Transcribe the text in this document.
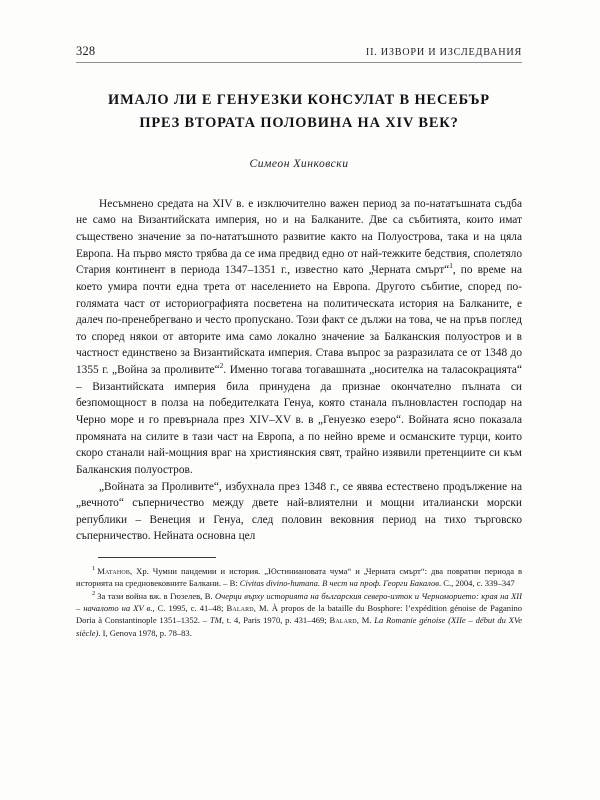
328	II. ИЗВОРИ И ИЗСЛЕДВАНИЯ
ИМАЛО ЛИ Е ГЕНУЕЗКИ КОНСУЛАТ В НЕСЕБЪР
ПРЕЗ ВТОРАТА ПОЛОВИНА НА XIV ВЕК?
Симеон Хинковски

Несъмнено средата на XIV в. е изключително важен период за по-нататъшната съдба не само на Византийската империя, но и на Балканите. Две са събитията, които имат съществено значение за по-нататъшното развитие както на Полуострова, така и на цяла Европа. На първо място трябва да се има предвид едно от най-тежките бедствия, сполетяло Стария континент в периода 1347–1351 г., известно като „Черната смърт“$^1$, по време на което умира почти една трета от населението на Европа. Другото събитие, според по-голямата част от историографията посветена на политическата история на Балканите, е далеч по-пренебрегвано и често пропускано. Този факт се дължи на това, че на пръв поглед то според някои от авторите има само локално значение за Балканския полуостров и в частност единствено за Византийската империя. Става въпрос за разразилата се от 1348 до 1355 г. „Война за проливите“$^2$. Именно тогава тогавашната „носителка на таласокрацията“ – Византийската империя била принудена да признае окончателно пълната си безпомощност в полза на победителката Генуа, която станала пълновластен господар на Черно море и го превърнала през XIV–XV в. в „Генуезко езеро“. Войната ясно показала промяната на силите в тази част на Европа, а по нейно време и османските турци, които скоро станали най-мощния враг на християнския свят, трайно изявили претенциите си към Балканския полуостров.

„Войната за Проливите“, избухнала през 1348 г., се явява естествено продължение на „вечното“ съперничество между двете най-влиятелни и мощни италиански морски републики – Венеция и Генуа, след половин вековния период на тихо търговско съперничество. Нейната основна цел

$^1$ Матанов, Хр. Чумни пандемии и история. „Юстиниановата чума“ и „Черната смърт“: два повратни периода в историята на средновековните Балкани. – В: Civitas divino-humana. В чест на проф. Георги Бакалов. С., 2004, с. 339–347

$^2$ За тази война вж. в Гюзелев, В. Очерци върху историята на българския северо-изток и Черноморието: края на XII – началото на XV в., С. 1995, с. 41–48; Balard, M. À propos de la bataille du Bosphore: l’expédition génoise de Paganino Doria à Constantinople 1351–1352. – TM, t. 4, Paris 1970, p. 431–469; Balard, M. La Romanie génoise (XIIe – début du XVe siècle). I, Genova 1978, p. 78–83.
